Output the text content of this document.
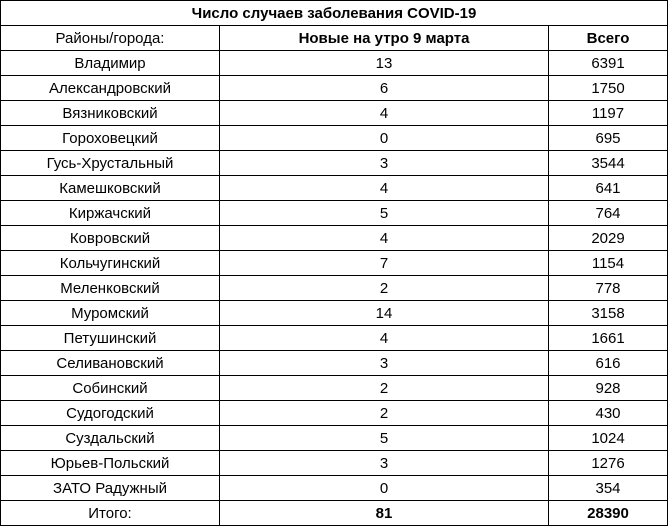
Число случаев заболевания COVID-19		
Районы/города:	Новые на утро 9 марта	Всего
Владимир	13	6391
Александровский	6	1750
Вязниковский	4	1197
Гороховецкий	0	695
Гусь-Хрустальный	3	3544
Камешковский	4	641
Киржачский	5	764
Ковровский	4	2029
Кольчугинский	7	1154
Меленковский	2	778
Муромский	14	3158
Петушинский	4	1661
Селивановский	3	616
Собинский	2	928
Судогодский	2	430
Суздальский	5	1024
Юрьев-Польский	3	1276
ЗАТО Радужный	0	354
Итого:	81	28390
